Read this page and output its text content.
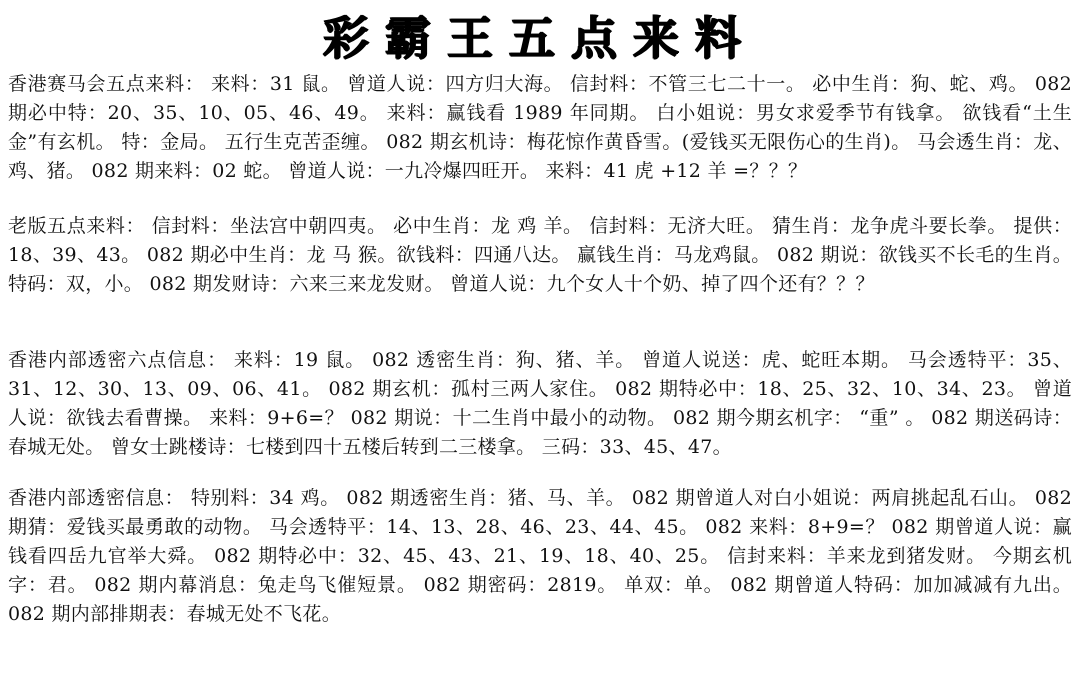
彩霸王五点来料
香港赛马会五点来料： 来料：31 鼠。 曾道人说：四方归大海。 信封料：不管三七二十一。 必中生肖：狗、蛇、鸡。 082 期必中特：20、35、10、05、46、49。 来料：赢钱看 1989 年同期。 白小姐说：男女求爱季节有钱拿。 欲钱看“土生金”有玄机。 特：金局。 五行生克苦歪缠。 082 期玄机诗：梅花惊作黄昏雪。(爱钱买无限伤心的生肖)。 马会透生肖：龙、鸡、猪。 082 期来料：02 蛇。 曾道人说：一九冷爆四旺开。 来料：41 虎 +12 羊 =？？？
老版五点来料： 信封料：坐法宫中朝四夷。 必中生肖：龙 鸡 羊。 信封料：无济大旺。 猜生肖：龙争虎斗要长拳。 提供：18、39、43。 082 期必中生肖：龙 马 猴。欲钱料：四通八达。 赢钱生肖：马龙鸡鼠。 082 期说：欲钱买不长毛的生肖。 特码：双，小。 082 期发财诗：六来三来龙发财。 曾道人说：九个女人十个奶、掉了四个还有？？？
香港内部透密六点信息： 来料：19 鼠。 082 透密生肖：狗、猪、羊。 曾道人说送：虎、蛇旺本期。 马会透特平：35、31、12、30、13、09、06、41。 082 期玄机：孤村三两人家住。 082 期特必中：18、25、32、10、34、23。 曾道人说：欲钱去看曹操。 来料：9+6=？ 082 期说：十二生肖中最小的动物。 082 期今期玄机字： “重” 。 082 期送码诗：春城无处。 曾女士跳楼诗：七楼到四十五楼后转到二三楼拿。 三码：33、45、47。
香港内部透密信息： 特别料：34 鸡。 082 期透密生肖：猪、马、羊。 082 期曾道人对白小姐说：两肩挑起乱石山。 082 期猜：爱钱买最勇敢的动物。 马会透特平：14、13、28、46、23、44、45。 082 来料：8+9=？ 082 期曾道人说：赢钱看四岳九官举大舜。 082 期特必中：32、45、43、21、19、18、40、25。 信封来料：羊来龙到猪发财。 今期玄机字：君。 082 期内幕消息：兔走鸟飞催短景。 082 期密码：2819。 单双：单。 082 期曾道人特码：加加减减有九出。 082 期内部排期表：春城无处不飞花。
